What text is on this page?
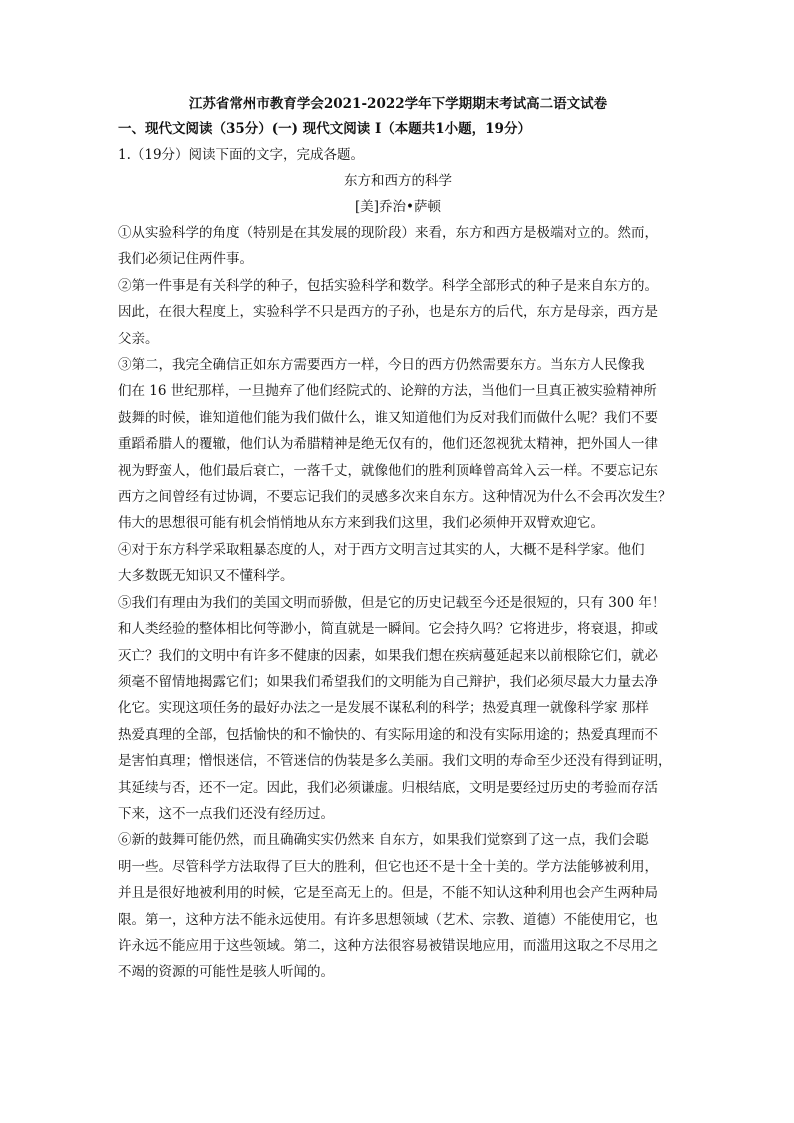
江苏省常州市教育学会2021-2022学年下学期期末考试高二语文试卷

一、现代文阅读（35分）(一) 现代文阅读 I（本题共1小题，19分）

1.（19分）阅读下面的文字，完成各题。

东方和西方的科学

[美]乔治•萨顿

①从实验科学的角度（特别是在其发展的现阶段）来看，东方和西方是极端对立的。然而，
我们必须记住两件事。
②第一件事是有关科学的种子，包括实验科学和数学。科学全部形式的种子是来自东方的。
因此，在很大程度上，实验科学不只是西方的子孙，也是东方的后代，东方是母亲，西方是
父亲。
③第二，我完全确信正如东方需要西方一样，今日的西方仍然需要东方。当东方人民像我
们在 16 世纪那样，一旦抛弃了他们经院式的、论辩的方法，当他们一旦真正被实验精神所
鼓舞的时候，谁知道他们能为我们做什么，谁又知道他们为反对我们而做什么呢？我们不要
重蹈希腊人的覆辙，他们认为希腊精神是绝无仅有的，他们还忽视犹太精神，把外国人一律
视为野蛮人，他们最后衰亡，一落千丈，就像他们的胜利顶峰曾高耸入云一样。不要忘记东
西方之间曾经有过协调，不要忘记我们的灵感多次来自东方。这种情况为什么不会再次发生？
伟大的思想很可能有机会悄悄地从东方来到我们这里，我们必须伸开双臂欢迎它。
④对于东方科学采取粗暴态度的人，对于西方文明言过其实的人，大概不是科学家。他们
大多数既无知识又不懂科学。
⑤我们有理由为我们的美国文明而骄傲，但是它的历史记载至今还是很短的，只有 300 年！
和人类经验的整体相比何等渺小，简直就是一瞬间。它会持久吗？它将进步，将衰退，抑或
灭亡？我们的文明中有许多不健康的因素，如果我们想在疾病蔓延起来以前根除它们，就必
须毫不留情地揭露它们；如果我们希望我们的文明能为自己辩护，我们必须尽最大力量去净
化它。实现这项任务的最好办法之一是发展不谋私利的科学；热爱真理一就像科学家 那样
热爱真理的全部，包括愉快的和不愉快的、有实际用途的和没有实际用途的；热爱真理而不
是害怕真理；憎恨迷信，不管迷信的伪装是多么美丽。我们文明的寿命至少还没有得到证明，
其延续与否，还不一定。因此，我们必须谦虚。归根结底，文明是要经过历史的考验而存活
下来，这不一点我们还没有经历过。
⑥新的鼓舞可能仍然，而且确确实实仍然来 自东方，如果我们觉察到了这一点，我们会聪
明一些。尽管科学方法取得了巨大的胜利，但它也还不是十全十美的。学方法能够被利用，
并且是很好地被利用的时候，它是至高无上的。但是，不能不知认这种利用也会产生两种局
限。第一，这种方法不能永远使用。有许多思想领域（艺术、宗教、道德）不能使用它，也
许永远不能应用于这些领域。第二，这种方法很容易被错误地应用，而滥用这取之不尽用之
不竭的资源的可能性是骇人听闻的。
